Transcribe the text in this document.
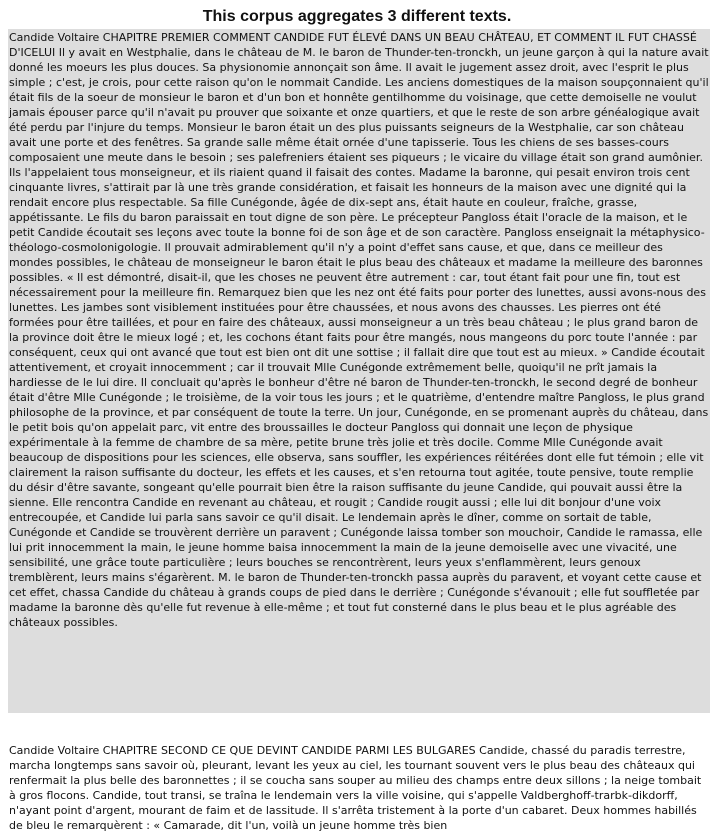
This corpus aggregates 3 different texts.

Candide Voltaire CHAPITRE PREMIER COMMENT CANDIDE FUT ÉLEVÉ DANS UN BEAU CHÂTEAU, ET COMMENT IL FUT CHASSÉ D'ICELUI Il y avait en Westphalie, dans le château de M. le baron de Thunder-ten-tronckh, un jeune garçon à qui la nature avait donné les moeurs les plus douces. Sa physionomie annonçait son âme. Il avait le jugement assez droit, avec l'esprit le plus simple ; c'est, je crois, pour cette raison qu'on le nommait Candide. Les anciens domestiques de la maison soupçonnaient qu'il était fils de la soeur de monsieur le baron et d'un bon et honnête gentilhomme du voisinage, que cette demoiselle ne voulut jamais épouser parce qu'il n'avait pu prouver que soixante et onze quartiers, et que le reste de son arbre généalogique avait été perdu par l'injure du temps. Monsieur le baron était un des plus puissants seigneurs de la Westphalie, car son château avait une porte et des fenêtres. Sa grande salle même était ornée d'une tapisserie. Tous les chiens de ses basses-cours composaient une meute dans le besoin ; ses palefreniers étaient ses piqueurs ; le vicaire du village était son grand aumônier. Ils l'appelaient tous monseigneur, et ils riaient quand il faisait des contes. Madame la baronne, qui pesait environ trois cent cinquante livres, s'attirait par là une très grande considération, et faisait les honneurs de la maison avec une dignité qui la rendait encore plus respectable. Sa fille Cunégonde, âgée de dix-sept ans, était haute en couleur, fraîche, grasse, appétissante. Le fils du baron paraissait en tout digne de son père. Le précepteur Pangloss était l'oracle de la maison, et le petit Candide écoutait ses leçons avec toute la bonne foi de son âge et de son caractère. Pangloss enseignait la métaphysico-théologo-cosmolonigologie. Il prouvait admirablement qu'il n'y a point d'effet sans cause, et que, dans ce meilleur des mondes possibles, le château de monseigneur le baron était le plus beau des châteaux et madame la meilleure des baronnes possibles. « Il est démontré, disait-il, que les choses ne peuvent être autrement : car, tout étant fait pour une fin, tout est nécessairement pour la meilleure fin. Remarquez bien que les nez ont été faits pour porter des lunettes, aussi avons-nous des lunettes. Les jambes sont visiblement instituées pour être chaussées, et nous avons des chausses. Les pierres ont été formées pour être taillées, et pour en faire des châteaux, aussi monseigneur a un très beau château ; le plus grand baron de la province doit être le mieux logé ; et, les cochons étant faits pour être mangés, nous mangeons du porc toute l'année : par conséquent, ceux qui ont avancé que tout est bien ont dit une sottise ; il fallait dire que tout est au mieux. » Candide écoutait attentivement, et croyait innocemment ; car il trouvait Mlle Cunégonde extrêmement belle, quoiqu'il ne prît jamais la hardiesse de le lui dire. Il concluait qu'après le bonheur d'être né baron de Thunder-ten-tronckh, le second degré de bonheur était d'être Mlle Cunégonde ; le troisième, de la voir tous les jours ; et le quatrième, d'entendre maître Pangloss, le plus grand philosophe de la province, et par conséquent de toute la terre. Un jour, Cunégonde, en se promenant auprès du château, dans le petit bois qu'on appelait parc, vit entre des broussailles le docteur Pangloss qui donnait une leçon de physique expérimentale à la femme de chambre de sa mère, petite brune très jolie et très docile. Comme Mlle Cunégonde avait beaucoup de dispositions pour les sciences, elle observa, sans souffler, les expériences réitérées dont elle fut témoin ; elle vit clairement la raison suffisante du docteur, les effets et les causes, et s'en retourna tout agitée, toute pensive, toute remplie du désir d'être savante, songeant qu'elle pourrait bien être la raison suffisante du jeune Candide, qui pouvait aussi être la sienne. Elle rencontra Candide en revenant au château, et rougit ; Candide rougit aussi ; elle lui dit bonjour d'une voix entrecoupée, et Candide lui parla sans savoir ce qu'il disait. Le lendemain après le dîner, comme on sortait de table, Cunégonde et Candide se trouvèrent derrière un paravent ; Cunégonde laissa tomber son mouchoir, Candide le ramassa, elle lui prit innocemment la main, le jeune homme baisa innocemment la main de la jeune demoiselle avec une vivacité, une sensibilité, une grâce toute particulière ; leurs bouches se rencontrèrent, leurs yeux s'enflammèrent, leurs genoux tremblèrent, leurs mains s'égarèrent. M. le baron de Thunder-ten-tronckh passa auprès du paravent, et voyant cette cause et cet effet, chassa Candide du château à grands coups de pied dans le derrière ; Cunégonde s'évanouit ; elle fut souffletée par madame la baronne dès qu'elle fut revenue à elle-même ; et tout fut consterné dans le plus beau et le plus agréable des châteaux possibles.

Candide Voltaire CHAPITRE SECOND CE QUE DEVINT CANDIDE PARMI LES BULGARES Candide, chassé du paradis terrestre, marcha longtemps sans savoir où, pleurant, levant les yeux au ciel, les tournant souvent vers le plus beau des châteaux qui renfermait la plus belle des baronnettes ; il se coucha sans souper au milieu des champs entre deux sillons ; la neige tombait à gros flocons. Candide, tout transi, se traîna le lendemain vers la ville voisine, qui s'appelle Valdberghoff-trarbk-dikdorff, n'ayant point d'argent, mourant de faim et de lassitude. Il s'arrêta tristement à la porte d'un cabaret. Deux hommes habillés de bleu le remarquèrent : « Camarade, dit l'un, voilà un jeune homme très bien
